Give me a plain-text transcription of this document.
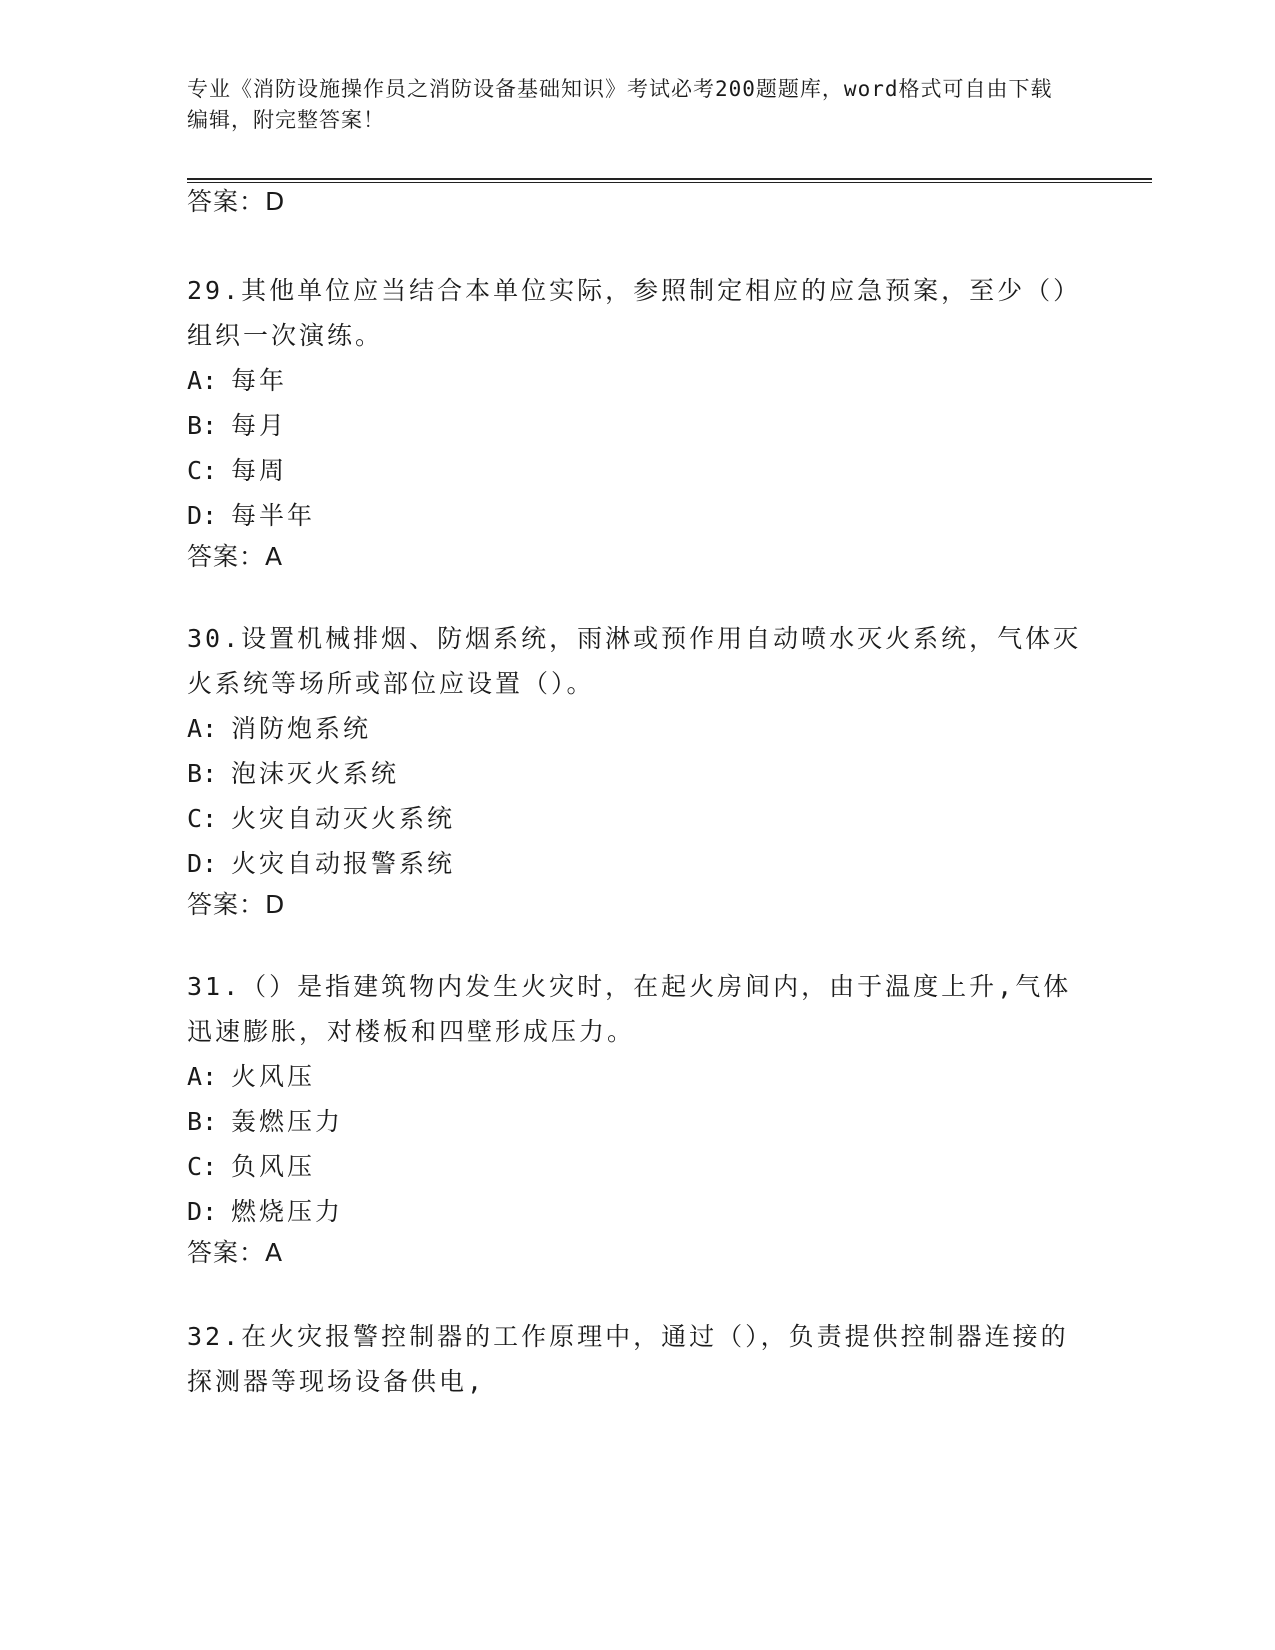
专业《消防设施操作员之消防设备基础知识》考试必考200题题库，word格式可自由下载编辑，附完整答案！
答案：D
29.其他单位应当结合本单位实际，参照制定相应的应急预案，至少（）组织一次演练。
A: 每年
B: 每月
C: 每周
D: 每半年
答案：A
30.设置机械排烟、防烟系统，雨淋或预作用自动喷水灭火系统，气体灭火系统等场所或部位应设置（）。
A: 消防炮系统
B: 泡沫灭火系统
C: 火灾自动灭火系统
D: 火灾自动报警系统
答案：D
31.（）是指建筑物内发生火灾时，在起火房间内，由于温度上升,气体迅速膨胀，对楼板和四壁形成压力。
A: 火风压
B: 轰燃压力
C: 负风压
D: 燃烧压力
答案：A
32.在火灾报警控制器的工作原理中，通过（），负责提供控制器连接的探测器等现场设备供电,
